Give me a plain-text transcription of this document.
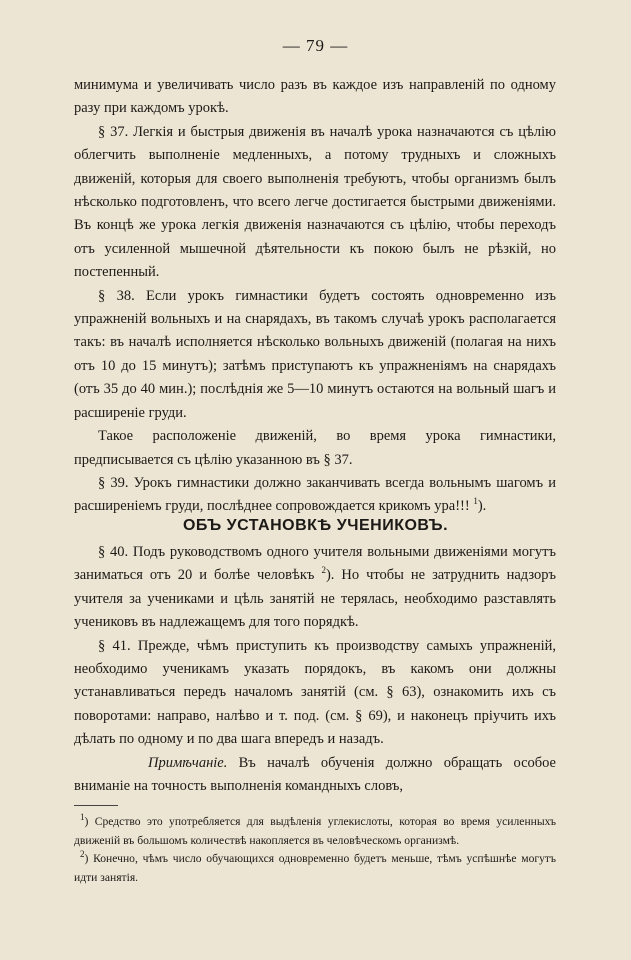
— 79 —

минимума и увеличивать число разъ въ каждое изъ направленій по одному разу при каждомъ урокѣ.

§ 37. Легкія и быстрыя движенія въ началѣ урока назначаются съ цѣлію облегчить выполненіе медленныхъ, а потому трудныхъ и сложныхъ движеній, которыя для своего выполненія требуютъ, чтобы организмъ былъ нѣсколько подготовленъ, что всего легче достигается быстрыми движеніями. Въ концѣ же урока легкія движенія назначаются съ цѣлію, чтобы переходъ отъ усиленной мышечной дѣятельности къ покою былъ не рѣзкій, но постепенный.

§ 38. Если урокъ гимнастики будетъ состоять одновременно изъ упражненій вольныхъ и на снарядахъ, въ такомъ случаѣ урокъ располагается такъ: въ началѣ исполняется нѣсколько вольныхъ движеній (полагая на нихъ отъ 10 до 15 минутъ); затѣмъ приступаютъ къ упражненіямъ на снарядахъ (отъ 35 до 40 мин.); послѣднія же 5—10 минутъ остаются на вольный шагъ и расширеніе груди.

Такое расположеніе движеній, во время урока гимнастики, предписывается съ цѣлію указанною въ § 37.

§ 39. Урокъ гимнастики должно заканчивать всегда вольнымъ шагомъ и расширеніемъ груди, послѣднее сопровождается крикомъ ура!!! $^1$).

ОБЪ УСТАНОВКѢ УЧЕНИКОВЪ.

§ 40. Подъ руководствомъ одного учителя вольными движеніями могутъ заниматься отъ 20 и болѣе человѣкъ $^2$). Но чтобы не затруднить надзоръ учителя за учениками и цѣль занятій не терялась, необходимо разставлять учениковъ въ надлежащемъ для того порядкѣ.

§ 41. Прежде, чѣмъ приступить къ производству самыхъ упражненій, необходимо ученикамъ указать порядокъ, въ какомъ они должны устанавливаться передъ началомъ занятій (см. § 63), ознакомить ихъ съ поворотами: направо, налѣво и т. под. (см. § 69), и наконецъ пріучить ихъ дѣлать по одному и по два шага впередъ и назадъ.

Примѣчаніе. Въ началѣ обученія должно обращать особое вниманіе на точность выполненія командныхъ словъ,

$^1$) Средство это употребляется для выдѣленія углекислоты, которая во время усиленныхъ движеній въ большомъ количествѣ накопляется въ человѣческомъ организмѣ.

$^2$) Конечно, чѣмъ число обучающихся одновременно будетъ меньше, тѣмъ успѣшнѣе могутъ идти занятія.
